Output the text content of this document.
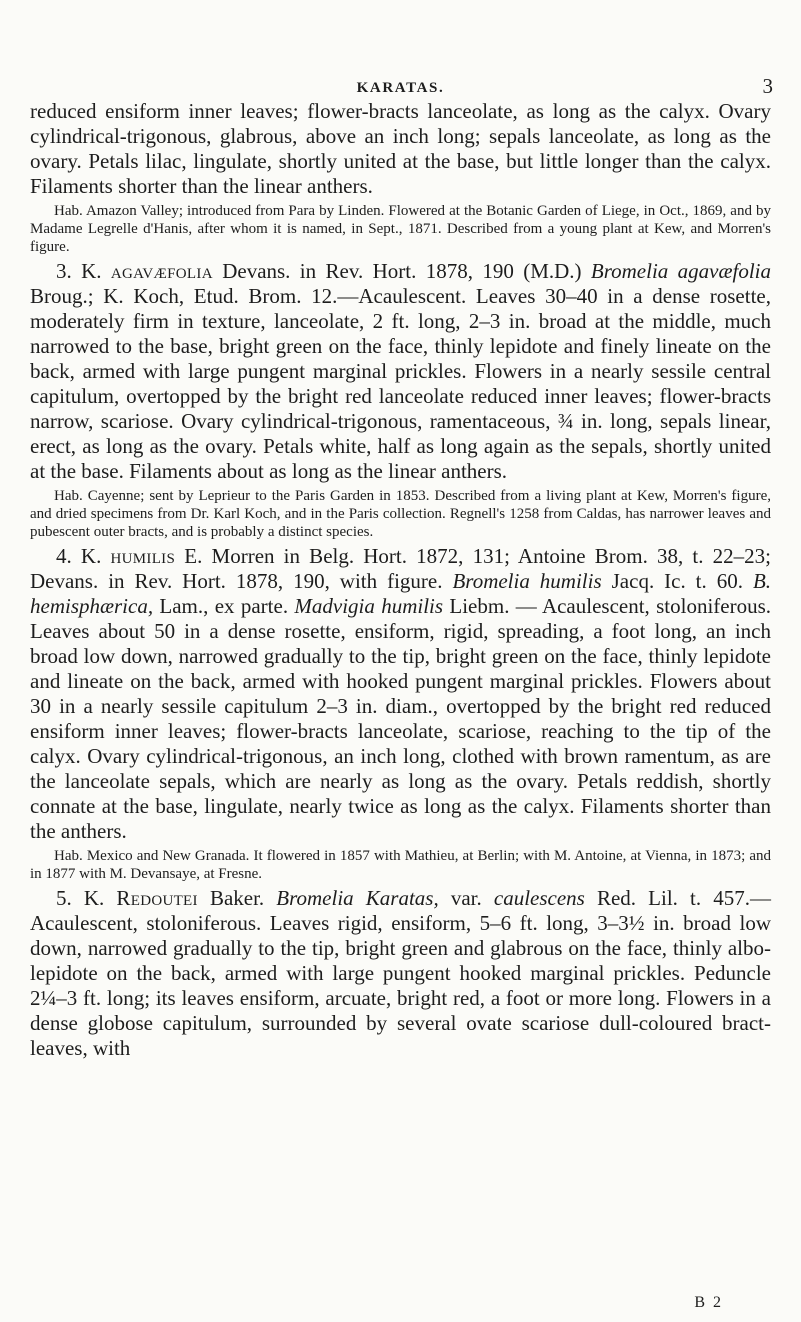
KARATAS.	3

reduced ensiform inner leaves; flower-bracts lanceolate, as long as the calyx. Ovary cylindrical-trigonous, glabrous, above an inch long; sepals lanceolate, as long as the ovary. Petals lilac, lingulate, shortly united at the base, but little longer than the calyx. Filaments shorter than the linear anthers.

Hab. Amazon Valley; introduced from Para by Linden. Flowered at the Botanic Garden of Liege, in Oct., 1869, and by Madame Legrelle d'Hanis, after whom it is named, in Sept., 1871. Described from a young plant at Kew, and Morren's figure.

3. K. agavæfolia Devans. in Rev. Hort. 1878, 190 (M.D.) Bromelia agavæfolia Broug.; K. Koch, Etud. Brom. 12.—Acaulescent. Leaves 30–40 in a dense rosette, moderately firm in texture, lanceolate, 2 ft. long, 2–3 in. broad at the middle, much narrowed to the base, bright green on the face, thinly lepidote and finely lineate on the back, armed with large pungent marginal prickles. Flowers in a nearly sessile central capitulum, overtopped by the bright red lanceolate reduced inner leaves; flower-bracts narrow, scariose. Ovary cylindrical-trigonous, ramentaceous, ¾ in. long, sepals linear, erect, as long as the ovary. Petals white, half as long again as the sepals, shortly united at the base. Filaments about as long as the linear anthers.

Hab. Cayenne; sent by Leprieur to the Paris Garden in 1853. Described from a living plant at Kew, Morren's figure, and dried specimens from Dr. Karl Koch, and in the Paris collection. Regnell's 1258 from Caldas, has narrower leaves and pubescent outer bracts, and is probably a distinct species.

4. K. humilis E. Morren in Belg. Hort. 1872, 131; Antoine Brom. 38, t. 22–23; Devans. in Rev. Hort. 1878, 190, with figure. Bromelia humilis Jacq. Ic. t. 60. B. hemisphærica, Lam., ex parte. Madvigia humilis Liebm. — Acaulescent, stoloniferous. Leaves about 50 in a dense rosette, ensiform, rigid, spreading, a foot long, an inch broad low down, narrowed gradually to the tip, bright green on the face, thinly lepidote and lineate on the back, armed with hooked pungent marginal prickles. Flowers about 30 in a nearly sessile capitulum 2–3 in. diam., overtopped by the bright red reduced ensiform inner leaves; flower-bracts lanceolate, scariose, reaching to the tip of the calyx. Ovary cylindrical-trigonous, an inch long, clothed with brown ramentum, as are the lanceolate sepals, which are nearly as long as the ovary. Petals reddish, shortly connate at the base, lingulate, nearly twice as long as the calyx. Filaments shorter than the anthers.

Hab. Mexico and New Granada. It flowered in 1857 with Mathieu, at Berlin; with M. Antoine, at Vienna, in 1873; and in 1877 with M. Devansaye, at Fresne.

5. K. Redoutei Baker. Bromelia Karatas, var. caulescens Red. Lil. t. 457.—Acaulescent, stoloniferous. Leaves rigid, ensiform, 5–6 ft. long, 3–3½ in. broad low down, narrowed gradually to the tip, bright green and glabrous on the face, thinly albo-lepidote on the back, armed with large pungent hooked marginal prickles. Peduncle 2¼–3 ft. long; its leaves ensiform, arcuate, bright red, a foot or more long. Flowers in a dense globose capitulum, surrounded by several ovate scariose dull-coloured bract-leaves, with

B 2
